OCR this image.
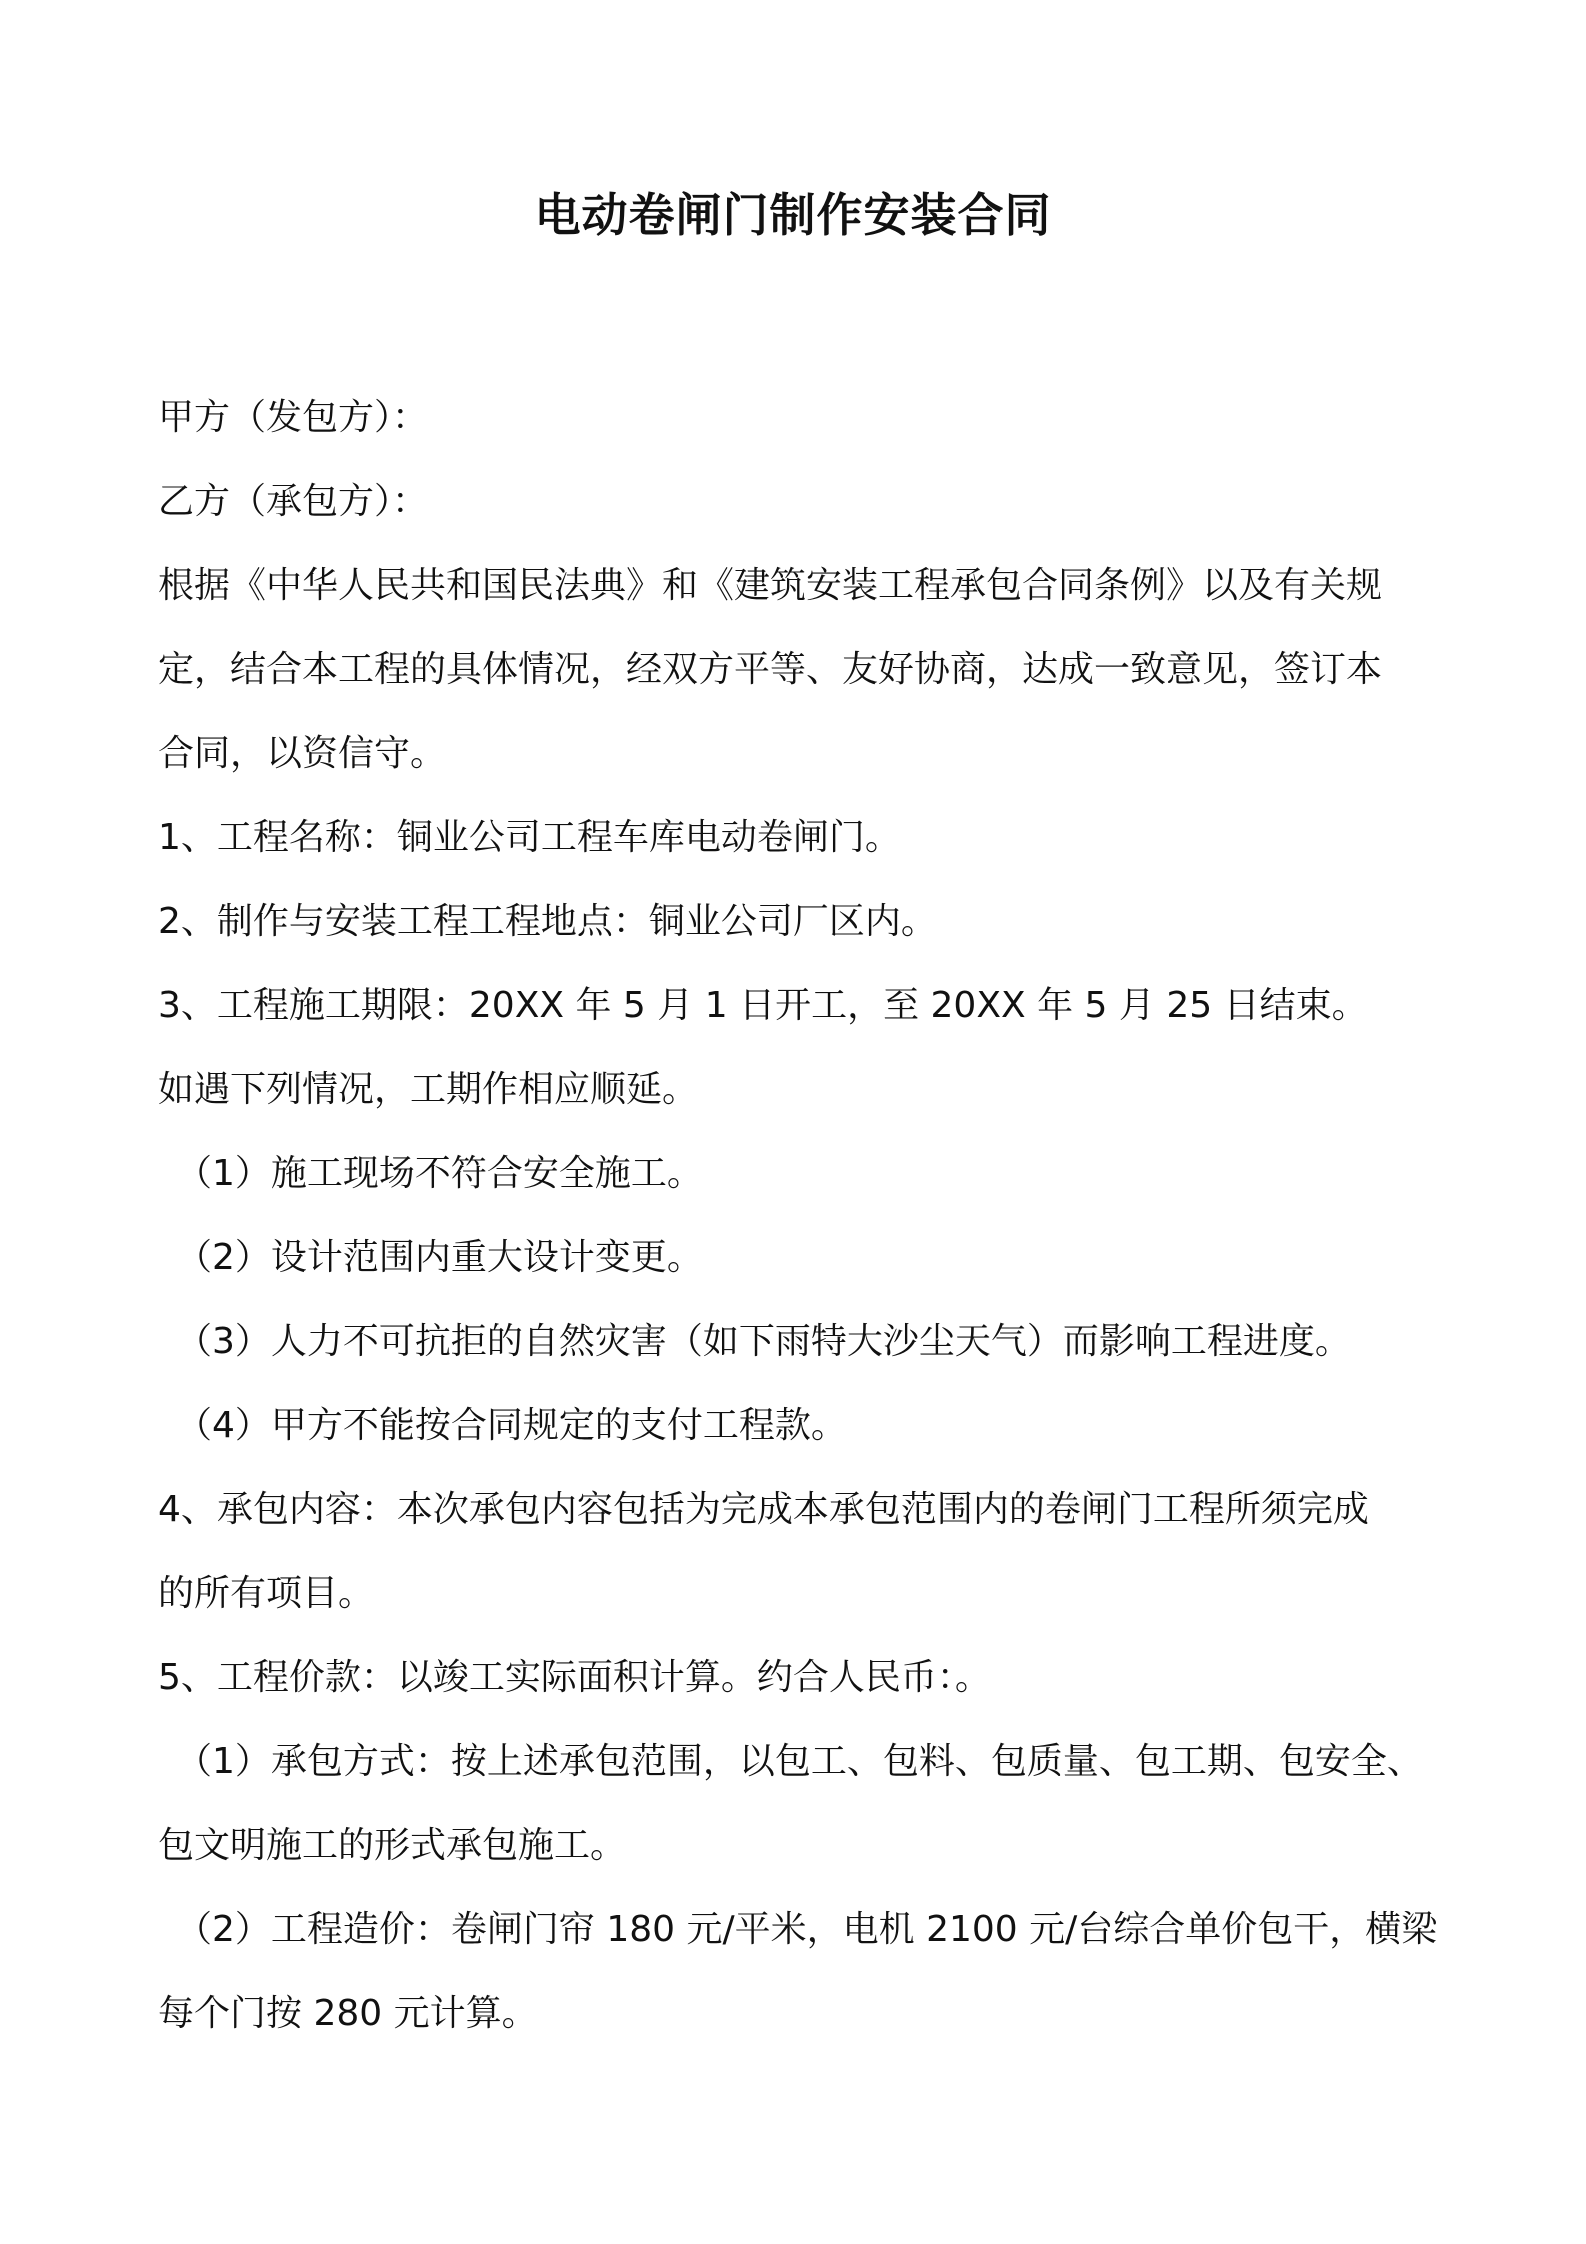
电动卷闸门制作安装合同
甲方（发包方）：
乙方（承包方）：
根据《中华人民共和国民法典》和《建筑安装工程承包合同条例》以及有关规
定，结合本工程的具体情况，经双方平等、友好协商，达成一致意见，签订本
合同，以资信守。
1、工程名称：铜业公司工程车库电动卷闸门。
2、制作与安装工程工程地点：铜业公司厂区内。
3、工程施工期限：20XX 年 5 月 1 日开工，至 20XX 年 5 月 25 日结束。
如遇下列情况，工期作相应顺延。
（1）施工现场不符合安全施工。
（2）设计范围内重大设计变更。
（3）人力不可抗拒的自然灾害（如下雨特大沙尘天气）而影响工程进度。
（4）甲方不能按合同规定的支付工程款。
4、承包内容：本次承包内容包括为完成本承包范围内的卷闸门工程所须完成
的所有项目。
5、工程价款：以竣工实际面积计算。约合人民币：。
（1）承包方式：按上述承包范围，以包工、包料、包质量、包工期、包安全、
包文明施工的形式承包施工。
（2）工程造价：卷闸门帘 180 元/平米，电机 2100 元/台综合单价包干，横梁
每个门按 280 元计算。
